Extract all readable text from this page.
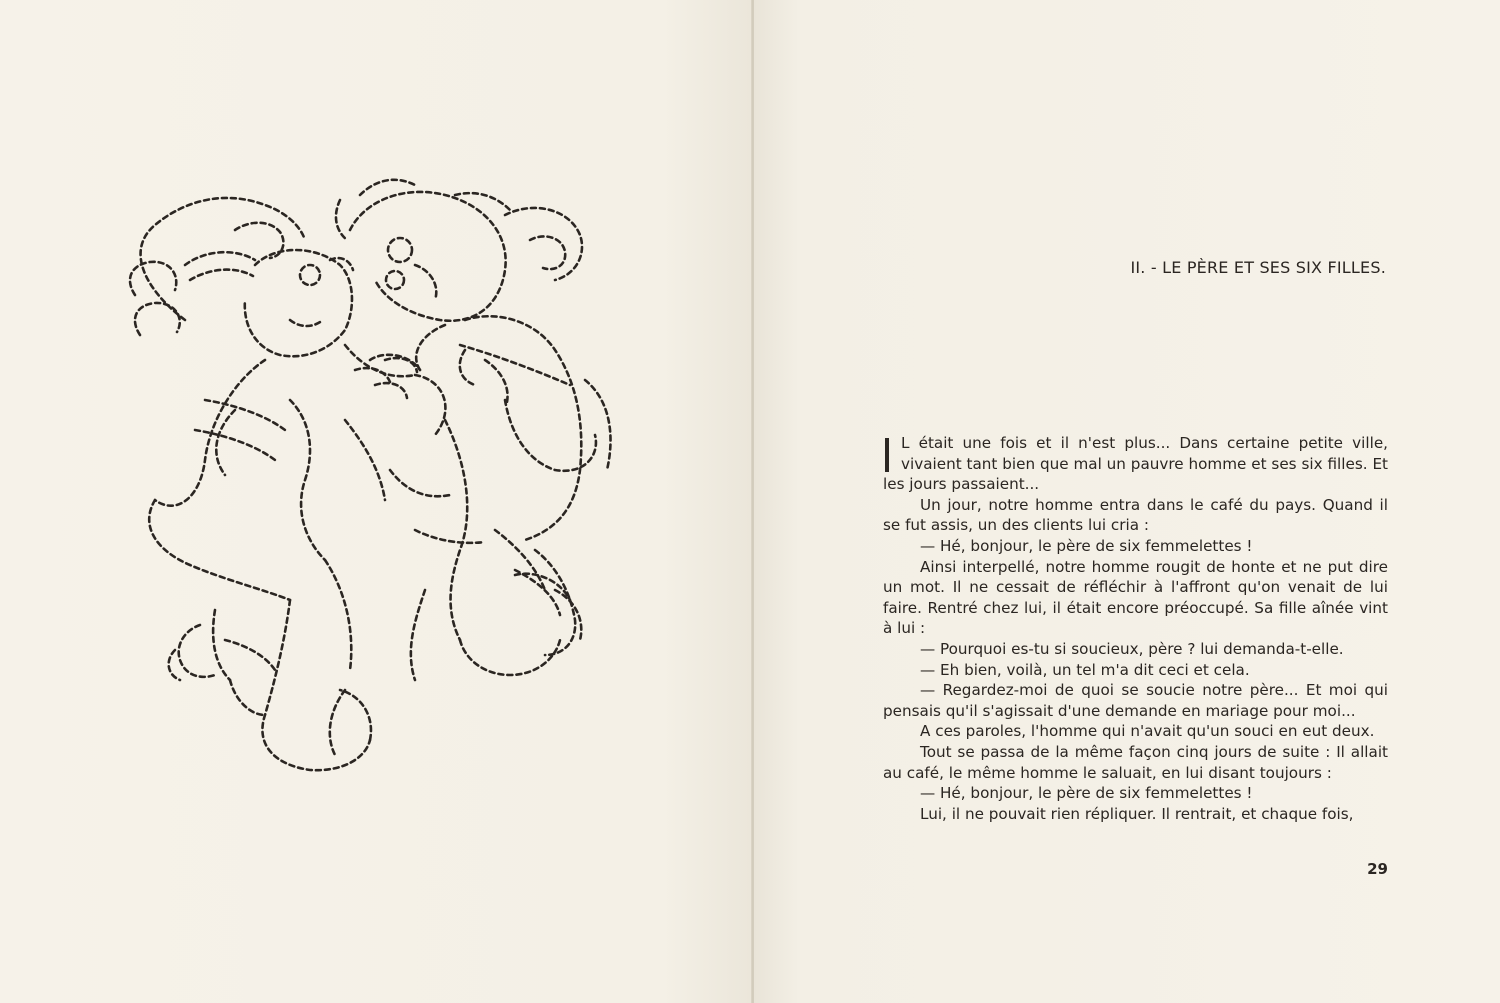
II. - LE PÈRE ET SES SIX FILLES.

L était une fois et il n'est plus... Dans certaine petite ville, vivaient tant bien que mal un pauvre homme et ses six filles. Et les jours passaient...

Un jour, notre homme entra dans le café du pays. Quand il se fut assis, un des clients lui cria :

— Hé, bonjour, le père de six femmelettes !

Ainsi interpellé, notre homme rougit de honte et ne put dire un mot. Il ne cessait de réfléchir à l'affront qu'on venait de lui faire. Rentré chez lui, il était encore préoccupé. Sa fille aînée vint à lui :

— Pourquoi es-tu si soucieux, père ? lui demanda-t-elle.

— Eh bien, voilà, un tel m'a dit ceci et cela.

— Regardez-moi de quoi se soucie notre père... Et moi qui pensais qu'il s'agissait d'une demande en mariage pour moi...

A ces paroles, l'homme qui n'avait qu'un souci en eut deux.

Tout se passa de la même façon cinq jours de suite : Il allait au café, le même homme le saluait, en lui disant toujours :

— Hé, bonjour, le père de six femmelettes !

Lui, il ne pouvait rien répliquer. Il rentrait, et chaque fois,

29
